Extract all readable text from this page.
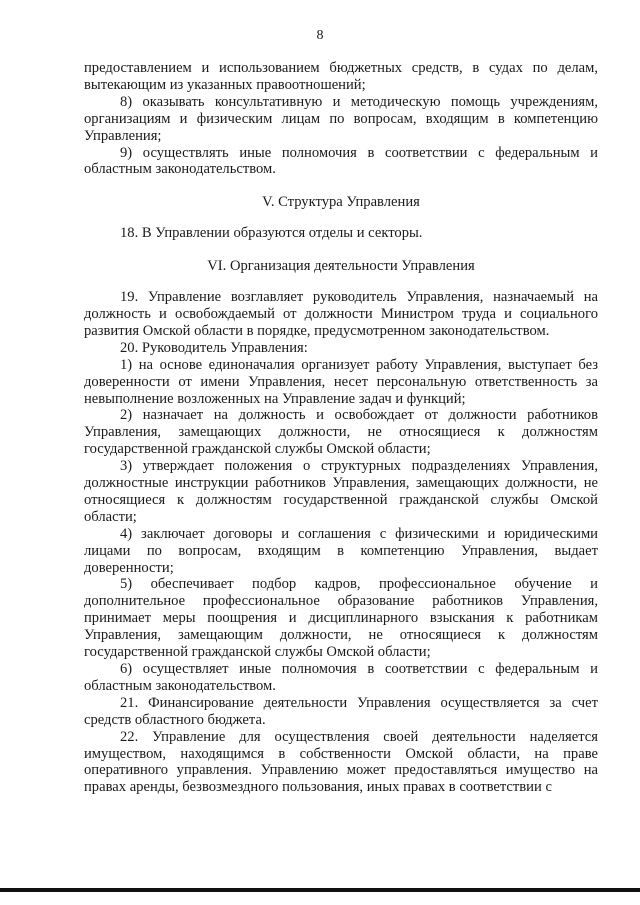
8

предоставлением и использованием бюджетных средств, в судах по делам, вытекающим из указанных правоотношений;

8) оказывать консультативную и методическую помощь учреждениям, организациям и физическим лицам по вопросам, входящим в компетенцию Управления;

9) осуществлять иные полномочия в соответствии с федеральным и областным законодательством.

V. Структура Управления

18. В Управлении образуются отделы и секторы.

VI. Организация деятельности Управления

19. Управление возглавляет руководитель Управления, назначаемый на должность и освобождаемый от должности Министром труда и социального развития Омской области в порядке, предусмотренном законодательством.

20. Руководитель Управления:

1) на основе единоначалия организует работу Управления, выступает без доверенности от имени Управления, несет персональную ответственность за невыполнение возложенных на Управление задач и функций;

2) назначает на должность и освобождает от должности работников Управления, замещающих должности, не относящиеся к должностям государственной гражданской службы Омской области;

3) утверждает положения о структурных подразделениях Управления, должностные инструкции работников Управления, замещающих должности, не относящиеся к должностям государственной гражданской службы Омской области;

4) заключает договоры и соглашения с физическими и юридическими лицами по вопросам, входящим в компетенцию Управления, выдает доверенности;

5) обеспечивает подбор кадров, профессиональное обучение и дополнительное профессиональное образование работников Управления, принимает меры поощрения и дисциплинарного взыскания к работникам Управления, замещающим должности, не относящиеся к должностям государственной гражданской службы Омской области;

6) осуществляет иные полномочия в соответствии с федеральным и областным законодательством.

21. Финансирование деятельности Управления осуществляется за счет средств областного бюджета.

22. Управление для осуществления своей деятельности наделяется имуществом, находящимся в собственности Омской области, на праве оперативного управления. Управлению может предоставляться имущество на правах аренды, безвозмездного пользования, иных правах в соответствии с
